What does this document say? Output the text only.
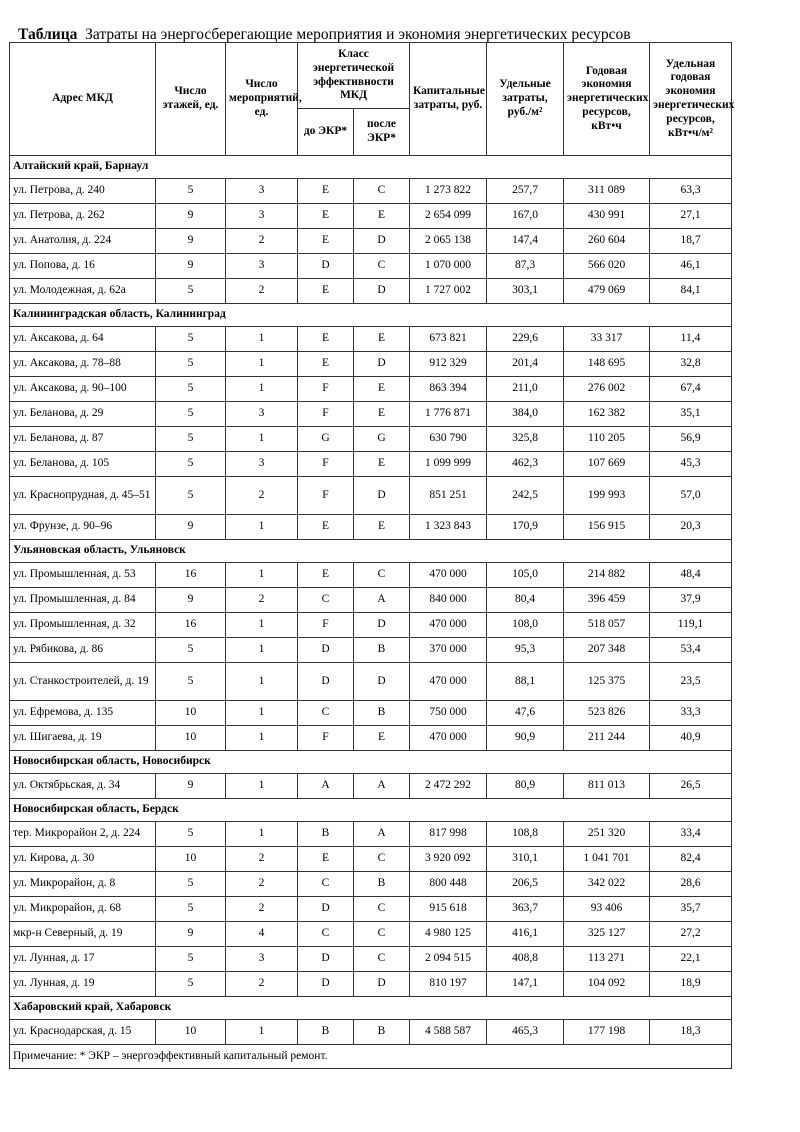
Таблица Затраты на энергосберегающие мероприятия и экономия энергетических ресурсов
Адрес МКД	Число этажей, ед.	Число мероприятий, ед.	Класс энергетической эффективности МКД		Капитальные затраты, руб.	Удельные затраты, руб./м²	Годовая экономия энергетических ресурсов, кВт•ч	Удельная годовая экономия энергетических ресурсов, кВт•ч/м²
			до ЭКР*	после ЭКР*				
Алтайский край, Барнаул								
ул. Петрова, д. 240	5	3	E	C	1 273 822	257,7	311 089	63,3
ул. Петрова, д. 262	9	3	E	E	2 654 099	167,0	430 991	27,1
ул. Анатолия, д. 224	9	2	E	D	2 065 138	147,4	260 604	18,7
ул. Попова, д. 16	9	3	D	C	1 070 000	87,3	566 020	46,1
ул. Молодежная, д. 62а	5	2	E	D	1 727 002	303,1	479 069	84,1
Калининградская область, Калининград								
ул. Аксакова, д. 64	5	1	E	E	673 821	229,6	33 317	11,4
ул. Аксакова, д. 78–88	5	1	E	D	912 329	201,4	148 695	32,8
ул. Аксакова, д. 90–100	5	1	F	E	863 394	211,0	276 002	67,4
ул. Беланова, д. 29	5	3	F	E	1 776 871	384,0	162 382	35,1
ул. Беланова, д. 87	5	1	G	G	630 790	325,8	110 205	56,9
ул. Беланова, д. 105	5	3	F	E	1 099 999	462,3	107 669	45,3
ул. Краснопрудная, д. 45–51	5	2	F	D	851 251	242,5	199 993	57,0
ул. Фрунзе, д. 90–96	9	1	E	E	1 323 843	170,9	156 915	20,3
Ульяновская область, Ульяновск								
ул. Промышленная, д. 53	16	1	E	C	470 000	105,0	214 882	48,4
ул. Промышленная, д. 84	9	2	C	A	840 000	80,4	396 459	37,9
ул. Промышленная, д. 32	16	1	F	D	470 000	108,0	518 057	119,1
ул. Рябикова, д. 86	5	1	D	B	370 000	95,3	207 348	53,4
ул. Станкостроителей, д. 19	5	1	D	D	470 000	88,1	125 375	23,5
ул. Ефремова, д. 135	10	1	C	B	750 000	47,6	523 826	33,3
ул. Шигаева, д. 19	10	1	F	E	470 000	90,9	211 244	40,9
Новосибирская область, Новосибирск								
ул. Октябрьская, д. 34	9	1	A	A	2 472 292	80,9	811 013	26,5
Новосибирская область, Бердск								
тер. Микрорайон 2, д. 224	5	1	B	A	817 998	108,8	251 320	33,4
ул. Кирова, д. 30	10	2	E	C	3 920 092	310,1	1 041 701	82,4
ул. Микрорайон, д. 8	5	2	C	B	800 448	206,5	342 022	28,6
ул. Микрорайон, д. 68	5	2	D	C	915 618	363,7	93 406	35,7
мкр-н Северный, д. 19	9	4	C	C	4 980 125	416,1	325 127	27,2
ул. Лунная, д. 17	5	3	D	C	2 094 515	408,8	113 271	22,1
ул. Лунная, д. 19	5	2	D	D	810 197	147,1	104 092	18,9
Хабаровский край, Хабаровск								
ул. Краснодарская, д. 15	10	1	B	B	4 588 587	465,3	177 198	18,3
Примечание: * ЭКР – энергоэффективный капитальный ремонт.								
